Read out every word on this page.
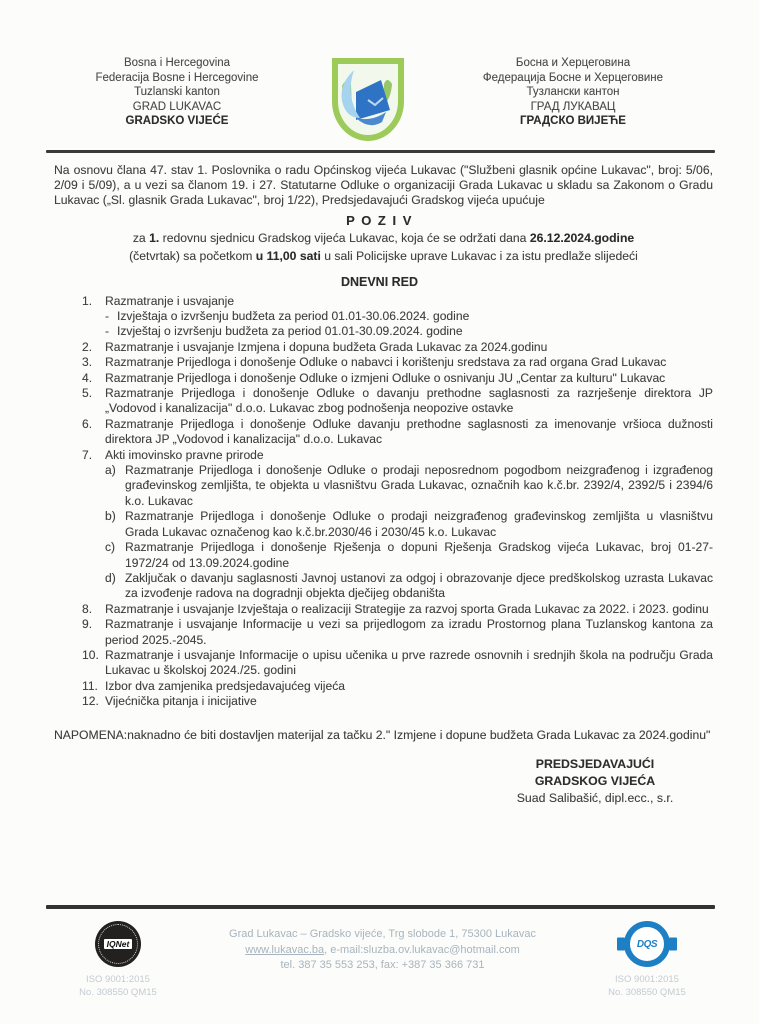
Bosna i Hercegovina
Federacija Bosne i Hercegovine
Tuzlanski kanton
GRAD LUKAVAC
GRADSKO VIJEĆE
Босна и Херцеговина
Федерација Босне и Херцеговине
Тузлански кантон
ГРАД ЛУКАВАЦ
ГРАДСКО ВИЈЕЋЕ

Na osnovu člana 47. stav 1. Poslovnika o radu Općinskog vijeća Lukavac ("Službeni glasnik općine Lukavac", broj: 5/06, 2/09 i 5/09), a u vezi sa članom 19. i 27. Statutarne Odluke o organizaciji Grada Lukavac u skladu sa Zakonom o Gradu Lukavac („Sl. glasnik Grada Lukavac", broj 1/22), Predsjedavajući Gradskog vijeća upućuje

P O Z I V
za 1. redovnu sjednicu Gradskog vijeća Lukavac, koja će se održati dana 26.12.2024.godine
(četvrtak) sa početkom u 11,00 sati u sali Policijske uprave Lukavac i za istu predlaže slijedeći
DNEVNI RED
1.	Razmatranje i usvajanje
- Izvještaja o izvršenju budžeta za period 01.01-30.06.2024. godine
- Izvještaj o izvršenju budžeta za period 01.01-30.09.2024. godine
2.	Razmatranje i usvajanje Izmjena i dopuna budžeta Grada Lukavac za 2024.godinu
3.	Razmatranje Prijedloga i donošenje Odluke o nabavci i korištenju sredstava za rad organa Grad Lukavac
4.	Razmatranje Prijedloga i donošenje Odluke o izmjeni Odluke o osnivanju JU „Centar za kulturu" Lukavac
5.	Razmatranje Prijedloga i donošenje Odluke o davanju prethodne saglasnosti za razrješenje direktora JP „Vodovod i kanalizacija" d.o.o. Lukavac zbog podnošenja neopozive ostavke
6.	Razmatranje Prijedloga i donošenje Odluke davanju prethodne saglasnosti za imenovanje vršioca dužnosti direktora JP „Vodovod i kanalizacija" d.o.o. Lukavac
7.	Akti imovinsko pravne prirode
a) Razmatranje Prijedloga i donošenje Odluke o prodaji neposrednom pogodbom neizgrađenog i izgrađenog građevinskog zemljišta, te objekta u vlasništvu Grada Lukavac, označnih kao k.č.br. 2392/4, 2392/5 i 2394/6 k.o. Lukavac
b) Razmatranje Prijedloga i donošenje Odluke o prodaji neizgrađenog građevinskog zemljišta u vlasništvu Grada Lukavac označenog kao k.č.br.2030/46 i 2030/45 k.o. Lukavac
c) Razmatranje Prijedloga i donošenje Rješenja o dopuni Rješenja Gradskog vijeća Lukavac, broj 01-27-1972/24 od 13.09.2024.godine
d) Zaključak o davanju saglasnosti Javnoj ustanovi za odgoj i obrazovanje djece predškolskog uzrasta Lukavac za izvođenje radova na dogradnji objekta dječijeg obdaništa
8.	Razmatranje i usvajanje Izvještaja o realizaciji Strategije za razvoj sporta Grada Lukavac za 2022. i 2023. godinu
9.	Razmatranje i usvajanje Informacije u vezi sa prijedlogom za izradu Prostornog plana Tuzlanskog kantona za period 2025.-2045.
10. Razmatranje i usvajanje Informacije o upisu učenika u prve razrede osnovnih i srednjih škola na području Grada Lukavac u školskoj 2024./25. godini
11. Izbor dva zamjenika predsjedavajućeg vijeća
12. Vijećnička pitanja i inicijative

NAPOMENA:naknadno će biti dostavljen materijal za tačku 2." Izmjene i dopune budžeta Grada Lukavac za 2024.godinu"

PREDSJEDAVAJUĆI
GRADSKOG VIJEĆA
Suad Salibašić, dipl.ecc., s.r.
IQNet
ISO 9001:2015
No. 308550 QM15
Grad Lukavac – Gradsko vijeće, Trg slobode 1, 75300 Lukavac
www.lukavac.ba, e-mail:sluzba.ov.lukavac@hotmail.com
tel. 387 35 553 253, fax: +387 35 366 731
DQS
ISO 9001:2015
No. 308550 QM15
